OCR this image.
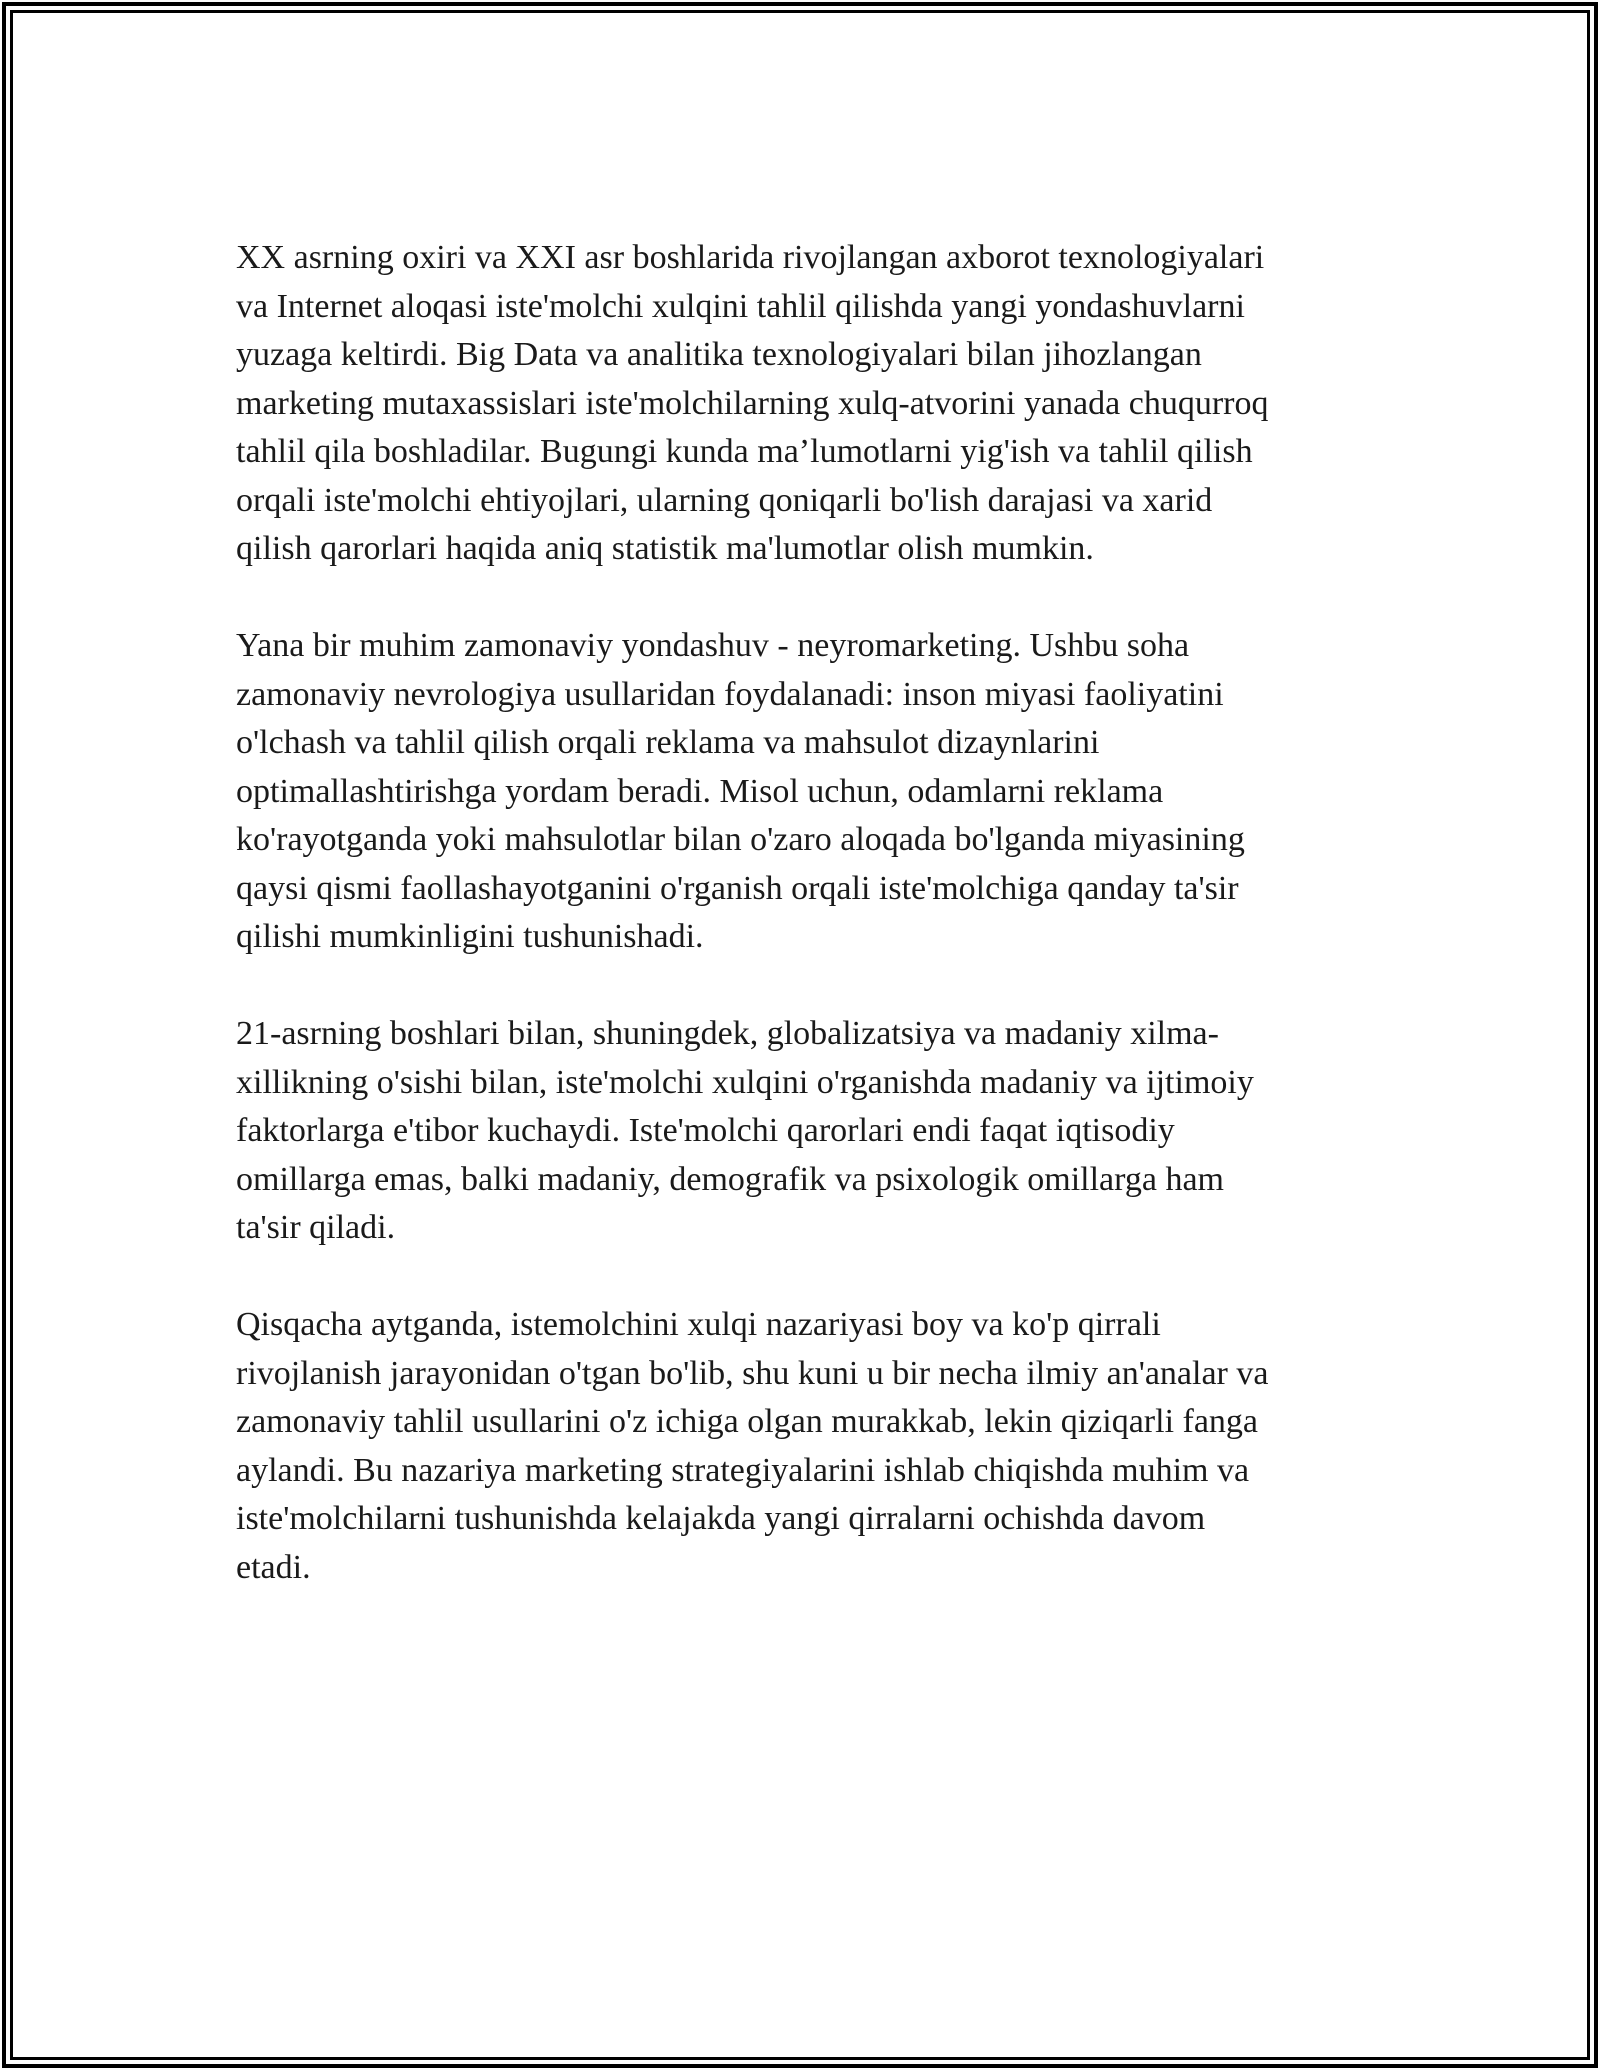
XX asrning oxiri va XXI asr boshlarida rivojlangan axborot texnologiyalari
va Internet aloqasi iste'molchi xulqini tahlil qilishda yangi yondashuvlarni
yuzaga keltirdi. Big Data va analitika texnologiyalari bilan jihozlangan
marketing mutaxassislari iste'molchilarning xulq-atvorini yanada chuqurroq
tahlil qila boshladilar. Bugungi kunda ma’lumotlarni yig'ish va tahlil qilish
orqali iste'molchi ehtiyojlari, ularning qoniqarli bo'lish darajasi va xarid
qilish qarorlari haqida aniq statistik ma'lumotlar olish mumkin.

Yana bir muhim zamonaviy yondashuv - neyromarketing. Ushbu soha
zamonaviy nevrologiya usullaridan foydalanadi: inson miyasi faoliyatini
o'lchash va tahlil qilish orqali reklama va mahsulot dizaynlarini
optimallashtirishga yordam beradi. Misol uchun, odamlarni reklama
ko'rayotganda yoki mahsulotlar bilan o'zaro aloqada bo'lganda miyasining
qaysi qismi faollashayotganini o'rganish orqali iste'molchiga qanday ta'sir
qilishi mumkinligini tushunishadi.

21-asrning boshlari bilan, shuningdek, globalizatsiya va madaniy xilma-
xillikning o'sishi bilan, iste'molchi xulqini o'rganishda madaniy va ijtimoiy
faktorlarga e'tibor kuchaydi. Iste'molchi qarorlari endi faqat iqtisodiy
omillarga emas, balki madaniy, demografik va psixologik omillarga ham
ta'sir qiladi.

Qisqacha aytganda, istemolchini xulqi nazariyasi boy va ko'p qirrali
rivojlanish jarayonidan o'tgan bo'lib, shu kuni u bir necha ilmiy an'analar va
zamonaviy tahlil usullarini o'z ichiga olgan murakkab, lekin qiziqarli fanga
aylandi. Bu nazariya marketing strategiyalarini ishlab chiqishda muhim va
iste'molchilarni tushunishda kelajakda yangi qirralarni ochishda davom
etadi.
